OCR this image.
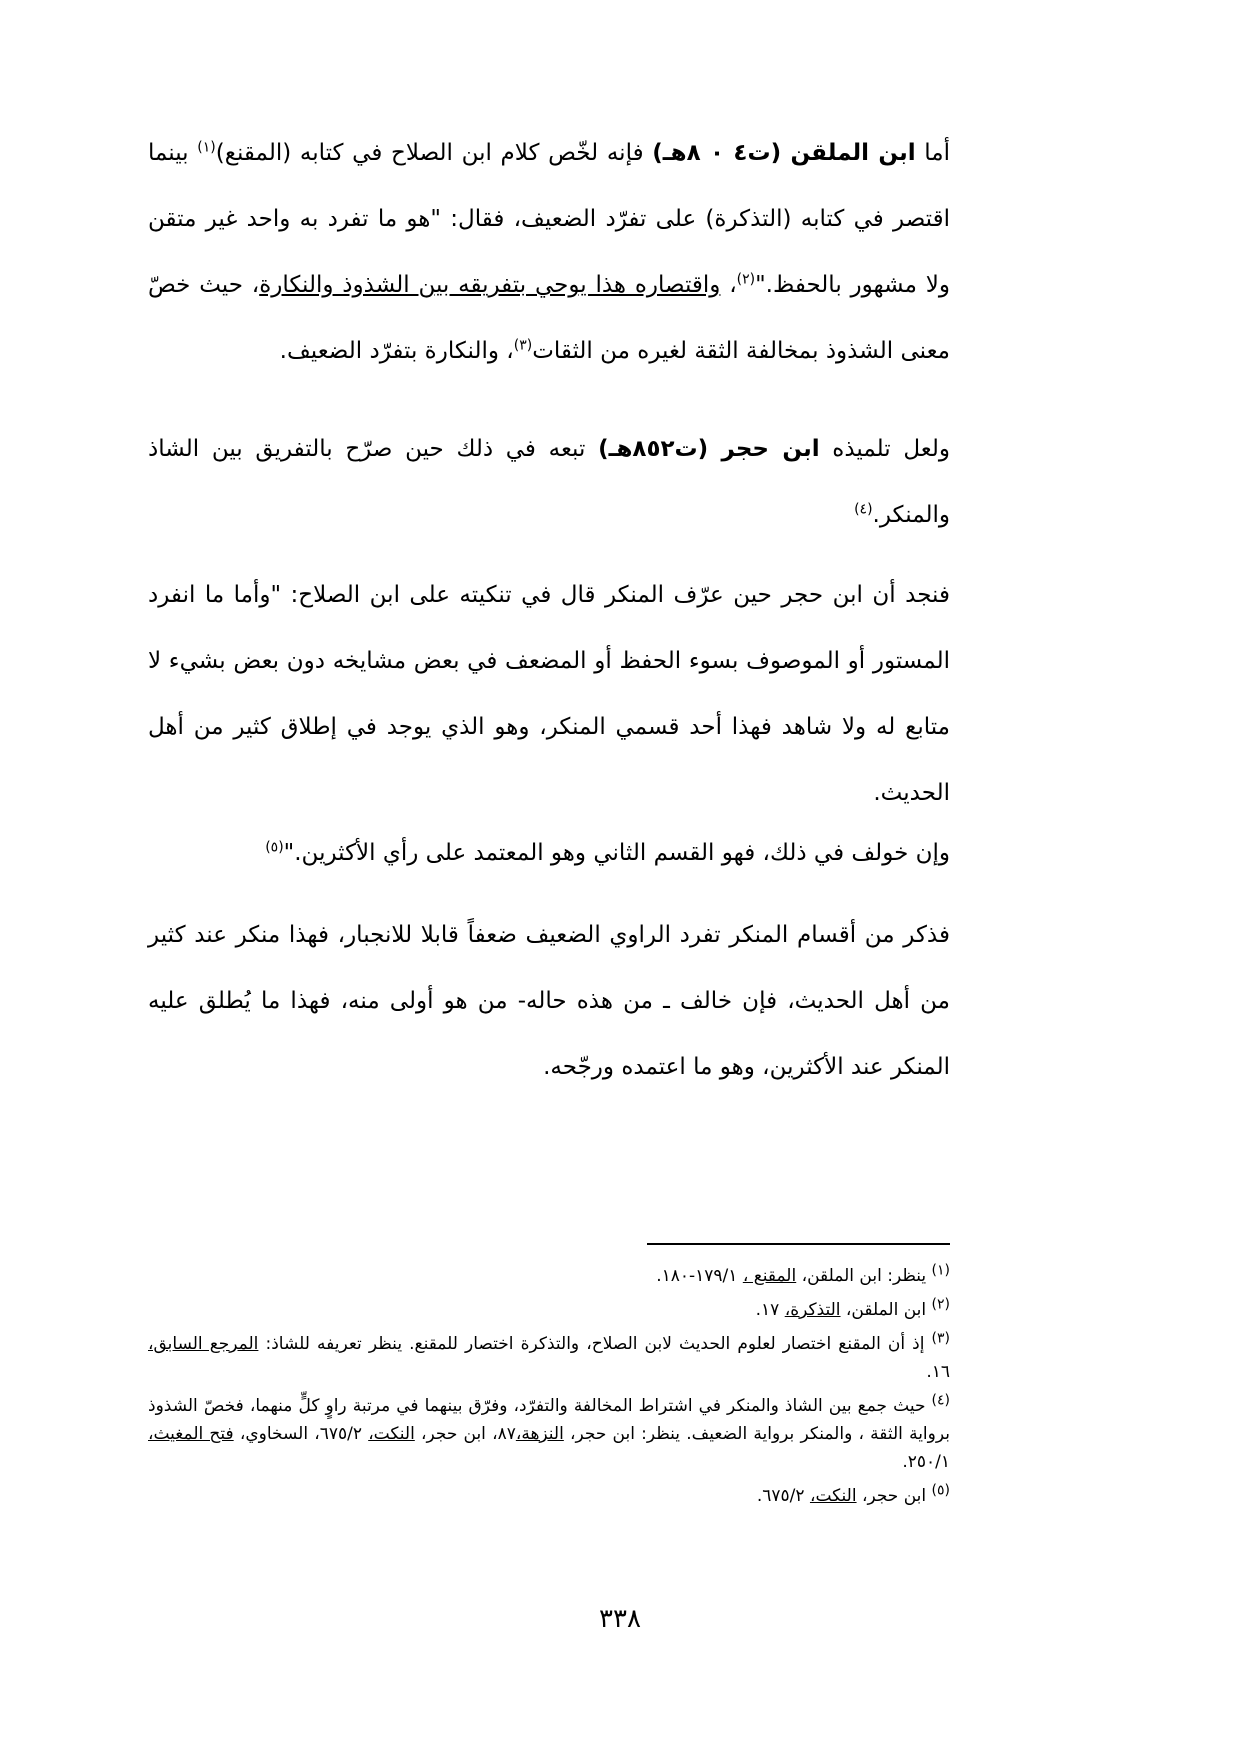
أما ابن الملقن (ت٤ ٠ ٨هـ) فإنه لخّص كلام ابن الصلاح في كتابه (المقنع)$^{(١)}$ بينما اقتصر في كتابه (التذكرة) على تفرّد الضعيف، فقال: "هو ما تفرد به واحد غير متقن ولا مشهور بالحفظ."$^{(٢)}$، واقتصاره هذا يوحي بتفريقه بين الشذوذ والنكارة، حيث خصّ معنى الشذوذ بمخالفة الثقة لغيره من الثقات$^{(٣)}$، والنكارة بتفرّد الضعيف.

ولعل تلميذه ابن حجر (ت٨٥٢هـ) تبعه في ذلك حين صرّح بالتفريق بين الشاذ والمنكر.$^{(٤)}$

فنجد أن ابن حجر حين عرّف المنكر قال في تنكيته على ابن الصلاح: "وأما ما انفرد المستور أو الموصوف بسوء الحفظ أو المضعف في بعض مشايخه دون بعض بشيء لا متابع له ولا شاهد فهذا أحد قسمي المنكر، وهو الذي يوجد في إطلاق كثير من أهل الحديث.

وإن خولف في ذلك، فهو القسم الثاني وهو المعتمد على رأي الأكثرين."$^{(٥)}$

فذكر من أقسام المنكر تفرد الراوي الضعيف ضعفاً قابلا للانجبار، فهذا منكر عند كثير من أهل الحديث، فإن خالف ـ من هذه حاله- من هو أولى منه، فهذا ما يُطلق عليه المنكر عند الأكثرين، وهو ما اعتمده ورجّحه.

$^{(١)}$ ينظر: ابن الملقن، المقنع ، ١٧٩/١-١٨٠.

$^{(٢)}$ ابن الملقن، التذكرة، ١٧.

$^{(٣)}$ إذ أن المقنع اختصار لعلوم الحديث لابن الصلاح، والتذكرة اختصار للمقنع. ينظر تعريفه للشاذ: المرجع السابق، ١٦.

$^{(٤)}$ حيث جمع بين الشاذ والمنكر في اشتراط المخالفة والتفرّد، وفرّق بينهما في مرتبة راوٍ كلٍّ منهما، فخصّ الشذوذ برواية الثقة ، والمنكر برواية الضعيف. ينظر: ابن حجر، النزهة،٨٧، ابن حجر، النكت، ٦٧٥/٢، السخاوي، فتح المغيث، ٢٥٠/١.

$^{(٥)}$ ابن حجر، النكت، ٦٧٥/٢.

٣٣٨
